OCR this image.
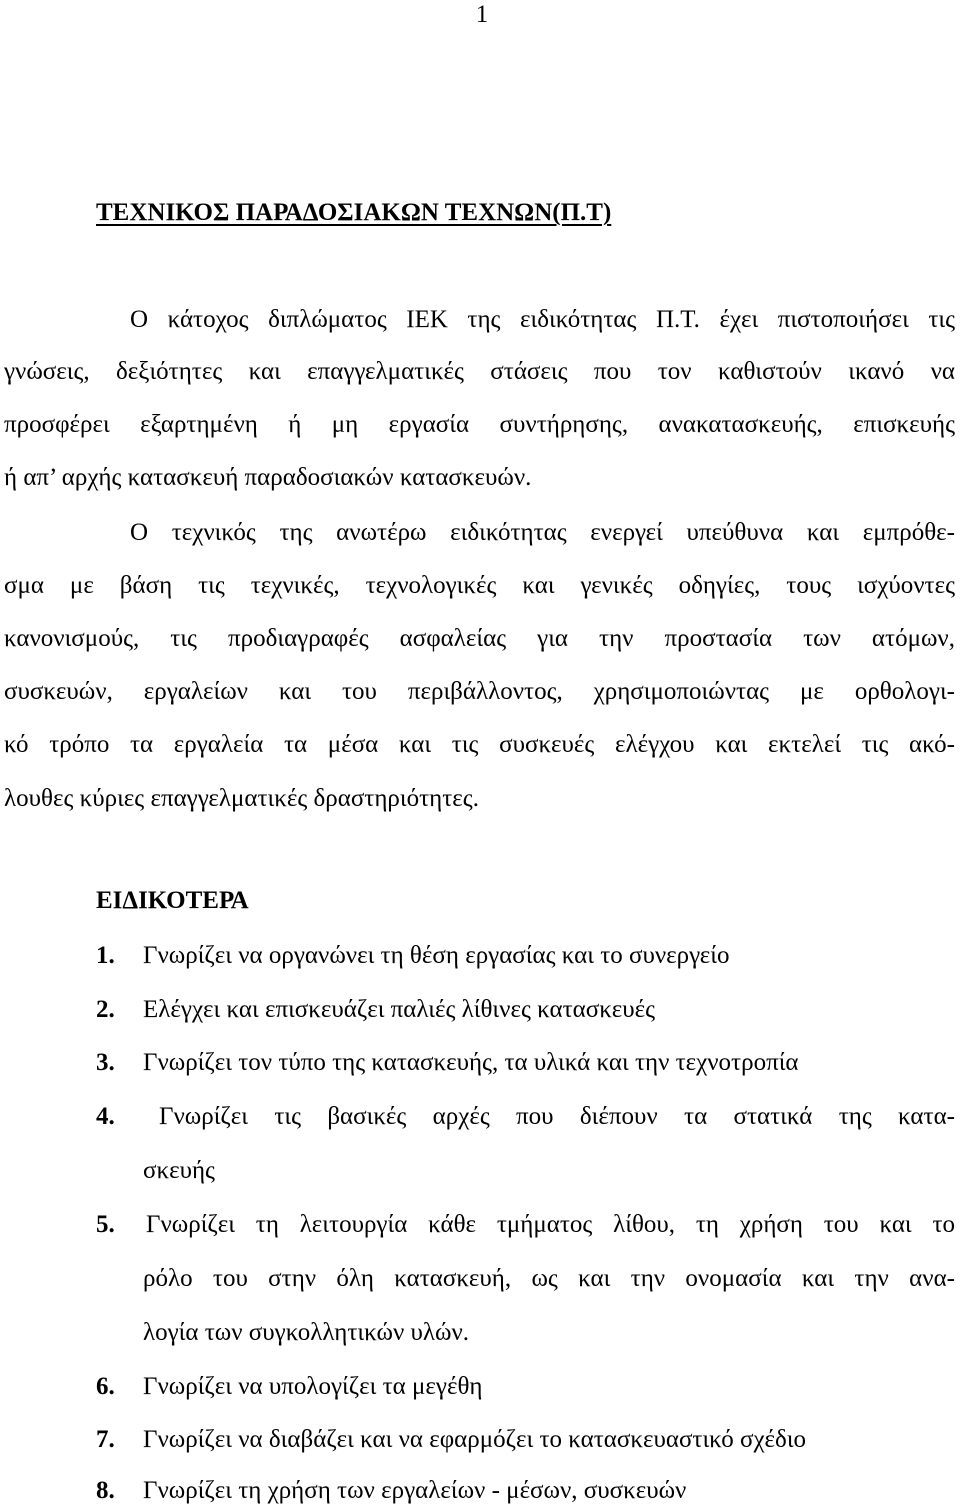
1
ΤΕΧΝΙΚΟΣ ΠΑΡΑΔΟΣΙΑΚΩΝ ΤΕΧΝΩΝ(Π.Τ)
Ο κάτοχος διπλώματος ΙΕΚ της ειδικότητας Π.Τ. έχει πιστοποιήσει τις
γνώσεις, δεξιότητες και επαγγελματικές στάσεις που τον καθιστούν ικανό να
προσφέρει εξαρτημένη ή μη εργασία συντήρησης, ανακατασκευής, επισκευής
ή απ’ αρχής κατασκευή παραδοσιακών κατασκευών.
Ο τεχνικός της ανωτέρω ειδικότητας ενεργεί υπεύθυνα και εμπρόθε-
σμα με βάση τις τεχνικές, τεχνολογικές και γενικές οδηγίες, τους ισχύοντες
κανονισμούς, τις προδιαγραφές ασφαλείας για την προστασία των ατόμων,
συσκευών, εργαλείων και του περιβάλλοντος, χρησιμοποιώντας με ορθολογι-
κό τρόπο τα εργαλεία τα μέσα και τις συσκευές ελέγχου και εκτελεί τις ακό-
λουθες κύριες επαγγελματικές δραστηριότητες.
ΕΙΔΙΚΟΤΕΡΑ
1. Γνωρίζει να οργανώνει τη θέση εργασίας και το συνεργείο
2. Ελέγχει και επισκευάζει παλιές λίθινες κατασκευές
3. Γνωρίζει τον τύπο της κατασκευής, τα υλικά και την τεχνοτροπία
4. Γνωρίζει τις βασικές αρχές που διέπουν τα στατικά της κατα-
σκευής
5. Γνωρίζει τη λειτουργία κάθε τμήματος λίθου, τη χρήση του και το
ρόλο του στην όλη κατασκευή, ως και την ονομασία και την ανα-
λογία των συγκολλητικών υλών.
6. Γνωρίζει να υπολογίζει τα μεγέθη
7. Γνωρίζει να διαβάζει και να εφαρμόζει το κατασκευαστικό σχέδιο
8. Γνωρίζει τη χρήση των εργαλείων - μέσων, συσκευών
